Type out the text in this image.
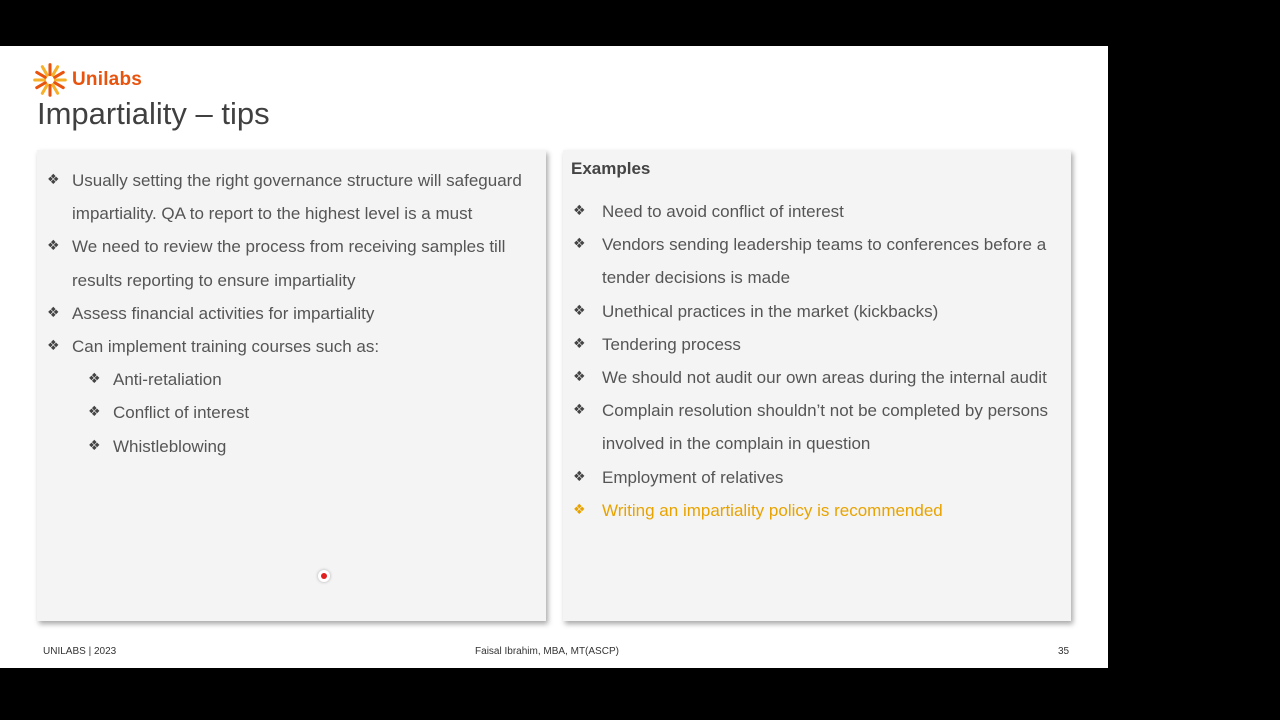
Unilabs
Impartiality – tips
❖ Usually setting the right governance structure will safeguard impartiality. QA to report to the highest level is a must
❖ We need to review the process from receiving samples till results reporting to ensure impartiality
❖ Assess financial activities for impartiality
❖ Can implement training courses such as:
❖ Anti-retaliation
❖ Conflict of interest
❖ Whistleblowing
Examples
❖ Need to avoid conflict of interest
❖ Vendors sending leadership teams to conferences before a tender decisions is made
❖ Unethical practices in the market (kickbacks)
❖ Tendering process
❖ We should not audit our own areas during the internal audit
❖ Complain resolution shouldn’t not be completed by persons involved in the complain in question
❖ Employment of relatives
❖ Writing an impartiality policy is recommended
UNILABS | 2023	Faisal Ibrahim, MBA, MT(ASCP)	35
